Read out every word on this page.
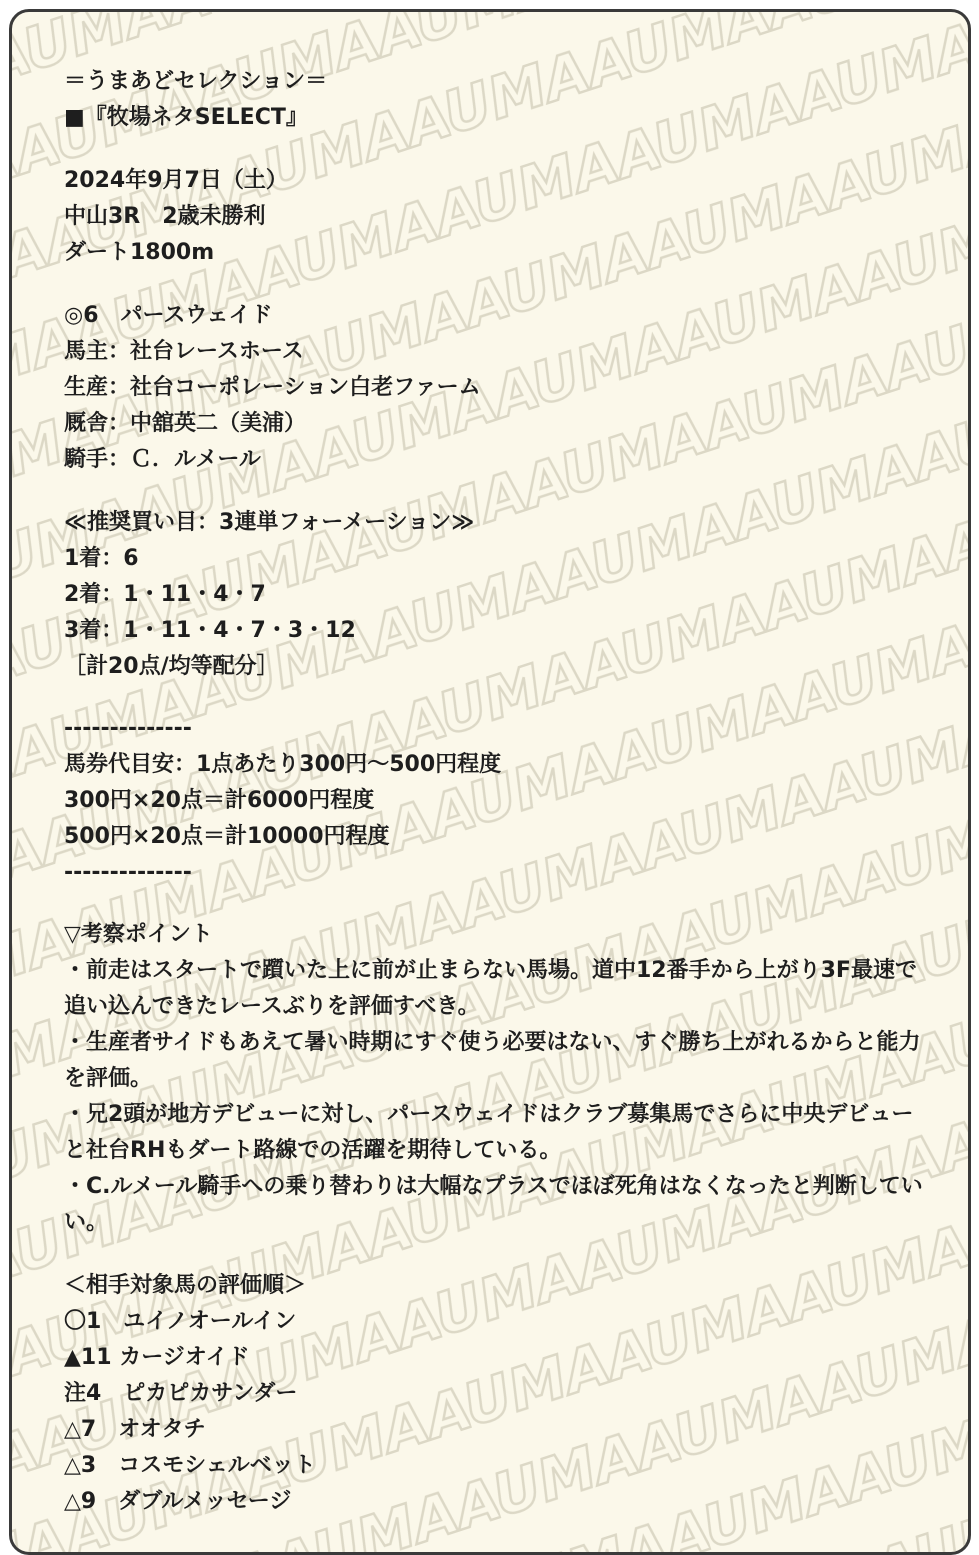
＝うまあどセレクション＝
■『牧場ネタSELECT』
2024年9月7日（土）
中山3R　2歳未勝利
ダート1800m
◎6　パースウェイド
馬主：社台レースホース
生産：社台コーポレーション白老ファーム
厩舎：中舘英二（美浦）
騎手：Ｃ．ルメール
≪推奨買い目：3連単フォーメーション≫
1着：6
2着：1・11・4・7
3着：1・11・4・7・3・12
［計20点/均等配分］
--------------
馬券代目安：1点あたり300円～500円程度
300円×20点＝計6000円程度
500円×20点＝計10000円程度
--------------
▽考察ポイント
・前走はスタートで躓いた上に前が止まらない馬場。道中12番手から上がり3F最速で追い込んできたレースぶりを評価すべき。
・生産者サイドもあえて暑い時期にすぐ使う必要はない、すぐ勝ち上がれるからと能力を評価。
・兄2頭が地方デビューに対し、パースウェイドはクラブ募集馬でさらに中央デビューと社台RHもダート路線での活躍を期待している。
・C.ルメール騎手への乗り替わりは大幅なプラスでほぼ死角はなくなったと判断していい。
＜相手対象馬の評価順＞
〇1　ユイノオールイン
▲11 カージオイド
注4　ピカピカサンダー
△7　オオタチ
△3　コスモシェルベット
△9　ダブルメッセージ
